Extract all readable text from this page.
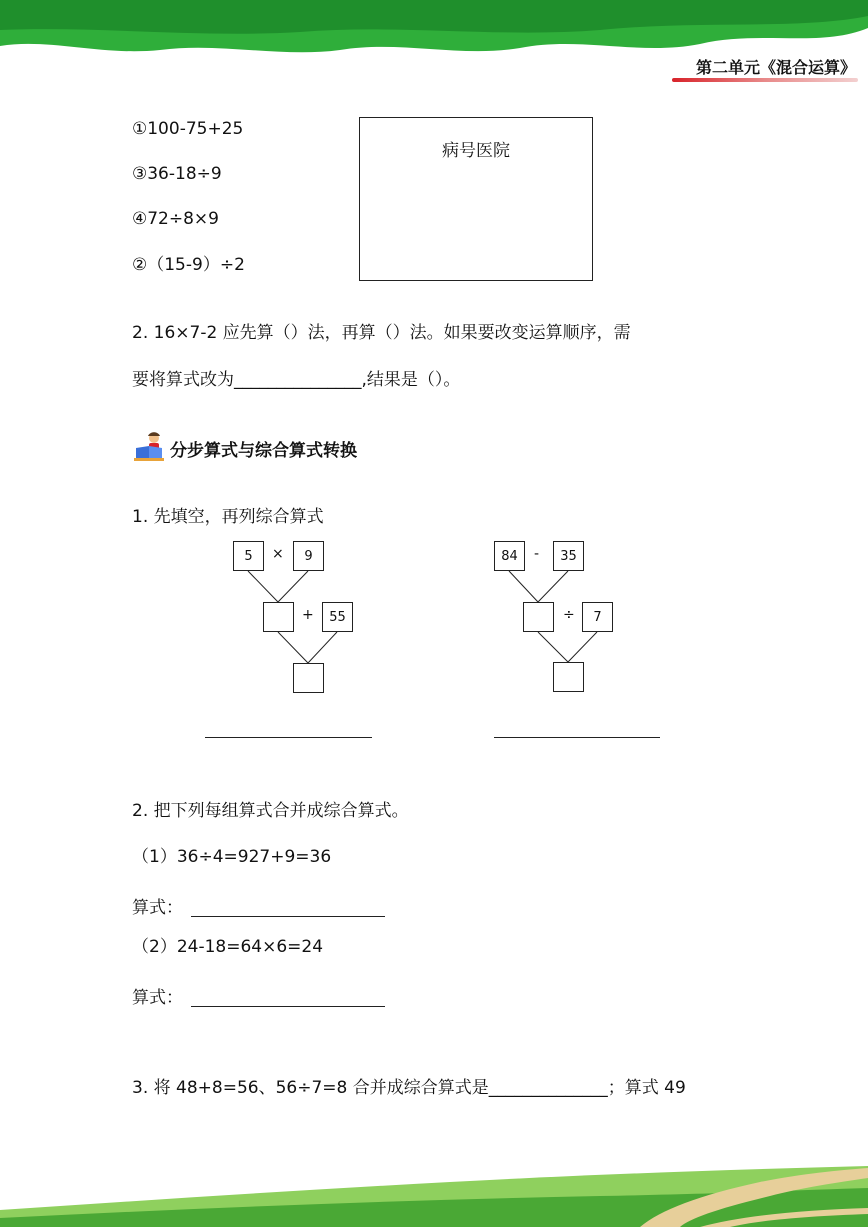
第二单元《混合运算》
①100-75+25
③36-18÷9
④72÷8×9
②（15-9）÷2
病号医院
2. 16×7-2 应先算（）法，再算（）法。如果要改变运算顺序，需
要将算式改为_______________,结果是（）。
分步算式与综合算式转换
1. 先填空，再列综合算式
5	×	9
+	55
84	-	35
÷	7
2. 把下列每组算式合并成综合算式。
（1）36÷4=927+9=36
算式：
（2）24-18=64×6=24
算式：
3. 将 48+8=56、56÷7=8 合并成综合算式是______________；算式 49
